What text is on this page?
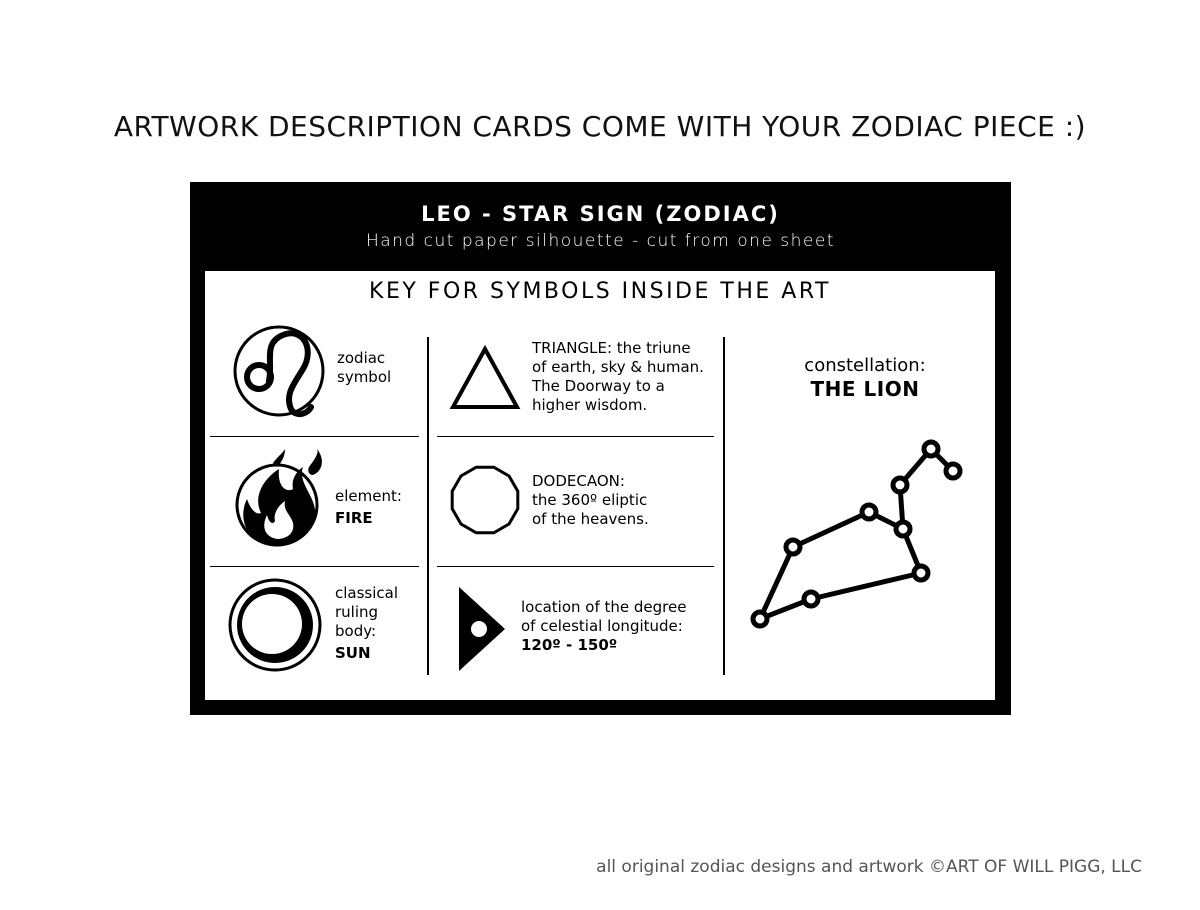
ARTWORK DESCRIPTION CARDS COME WITH YOUR ZODIAC PIECE :)
LEO - STAR SIGN (ZODIAC)
Hand cut paper silhouette - cut from one sheet
KEY FOR SYMBOLS INSIDE THE ART
zodiac
symbol
element:
FIRE
classical
ruling
body:
SUN
TRIANGLE: the triune
of earth, sky & human.
The Doorway to a
higher wisdom.
DODECAON:
the 360º eliptic
of the heavens.
location of the degree
of celestial longitude:
120º - 150º
constellation:
THE LION
all original zodiac designs and artwork ©ART OF WILL PIGG, LLC
